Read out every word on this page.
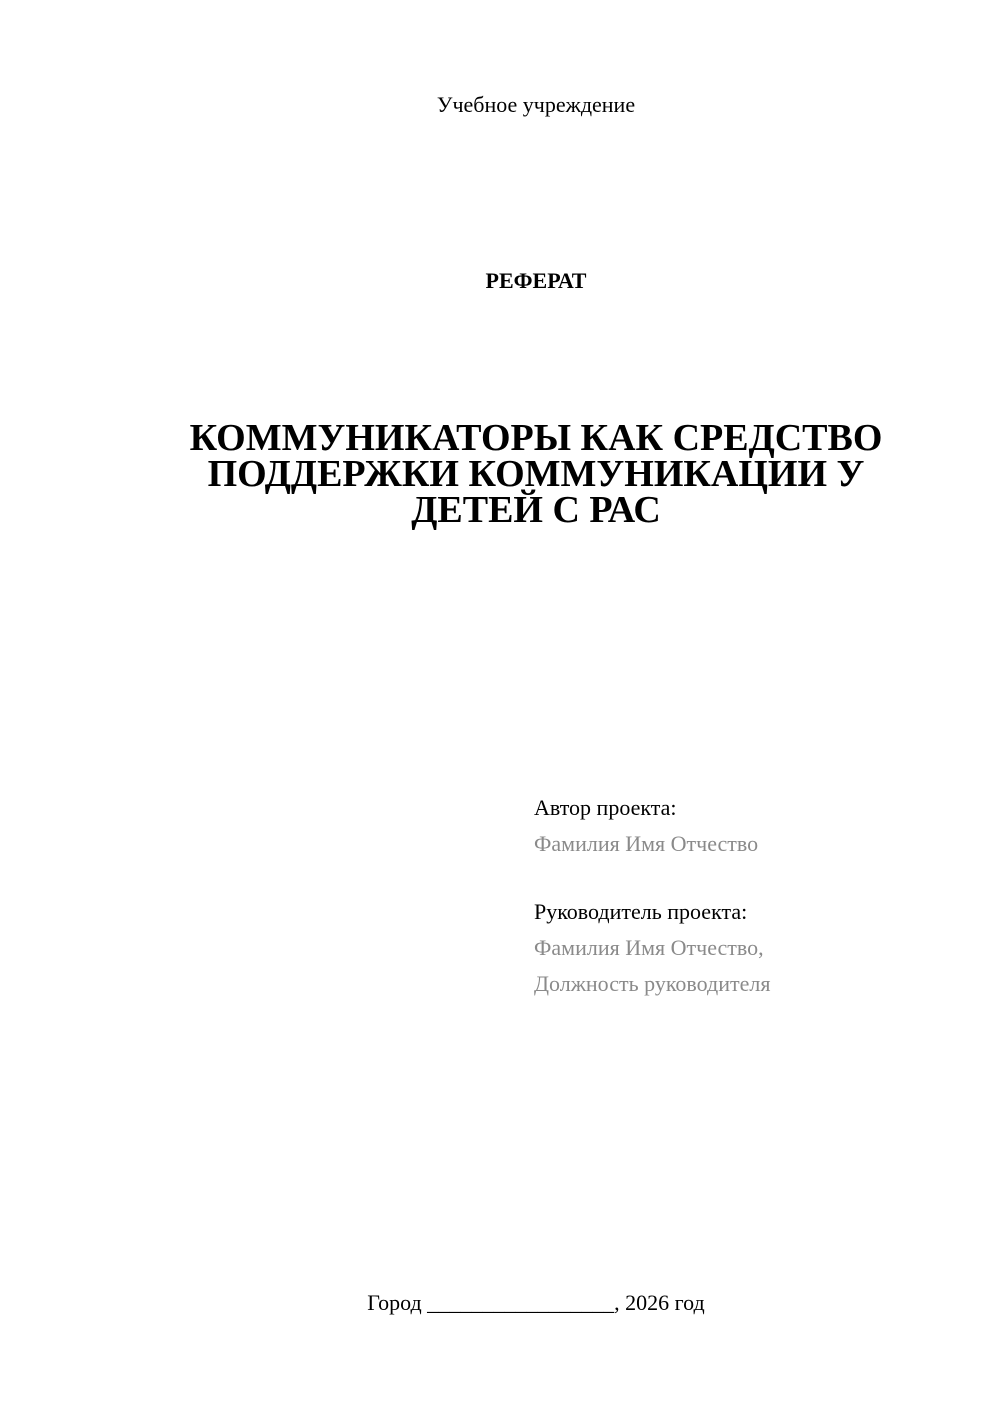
Учебное учреждение
РЕФЕРАТ
КОММУНИКАТОРЫ КАК СРЕДСТВО
ПОДДЕРЖКИ КОММУНИКАЦИИ У
ДЕТЕЙ С РАС
Автор проекта:
Фамилия Имя Отчество
Руководитель проекта:
Фамилия Имя Отчество,
Должность руководителя
Город _________________, 2026 год
